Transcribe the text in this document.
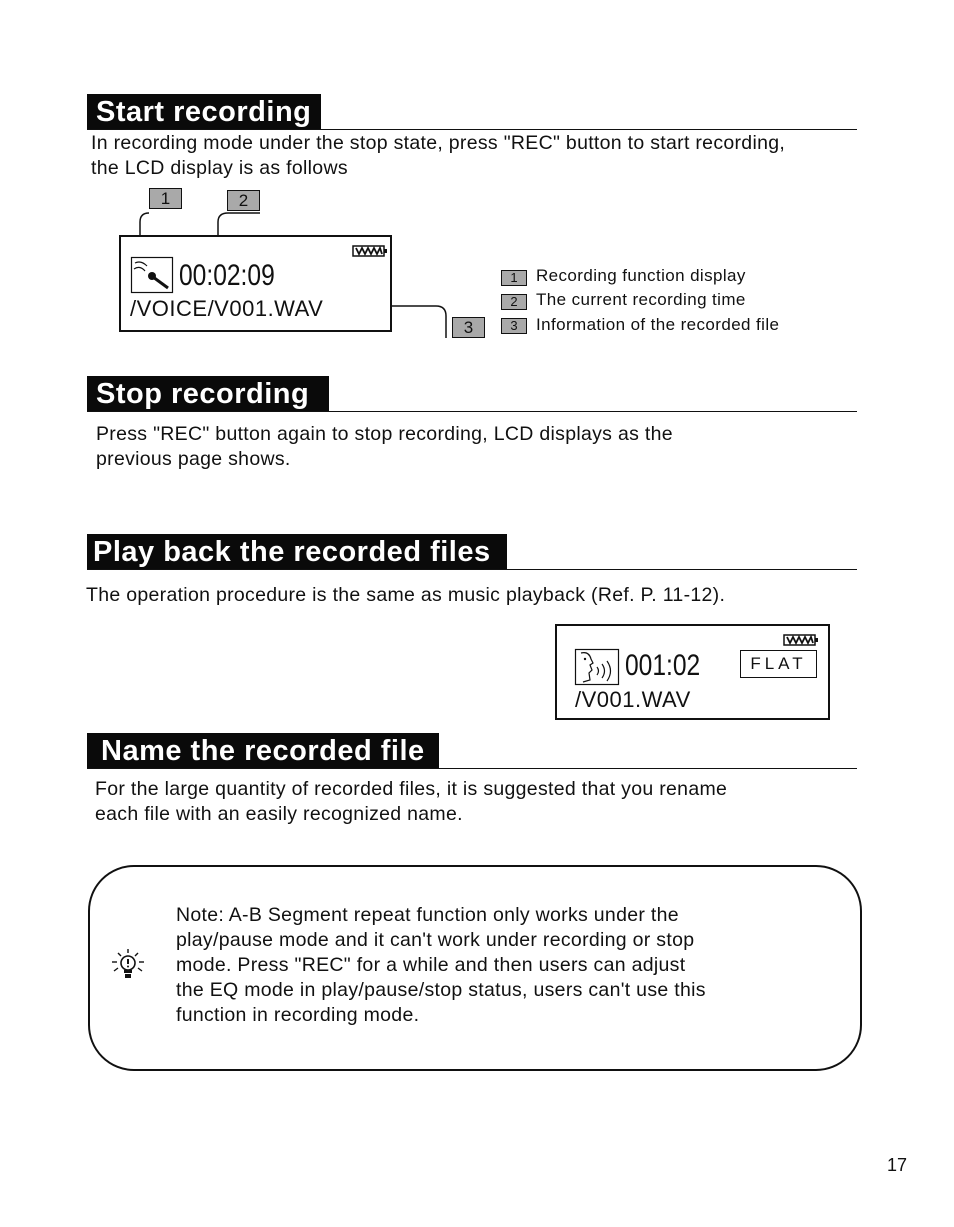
Start recording
In recording mode under the stop state, press "REC" button to start recording,
the LCD display is as follows
1	2
3
00:02:09
/VOICE/V001.WAV
1	Recording function display
2	The current recording time
3	Information of the recorded file
Stop recording
Press "REC" button again to stop recording, LCD displays as the
previous page shows.
Play back the recorded files
The operation procedure is the same as music playback (Ref. P. 11-12).
001:02	FLAT
/V001.WAV
Name the recorded file
For the large quantity of recorded files, it is suggested that you rename
each file with an easily recognized name.
Note: A-B Segment repeat function only works under the
play/pause mode and it can't work under recording or stop
mode. Press "REC" for a while and then users can adjust
the EQ mode in play/pause/stop status, users can't use this
function in recording mode.
17
